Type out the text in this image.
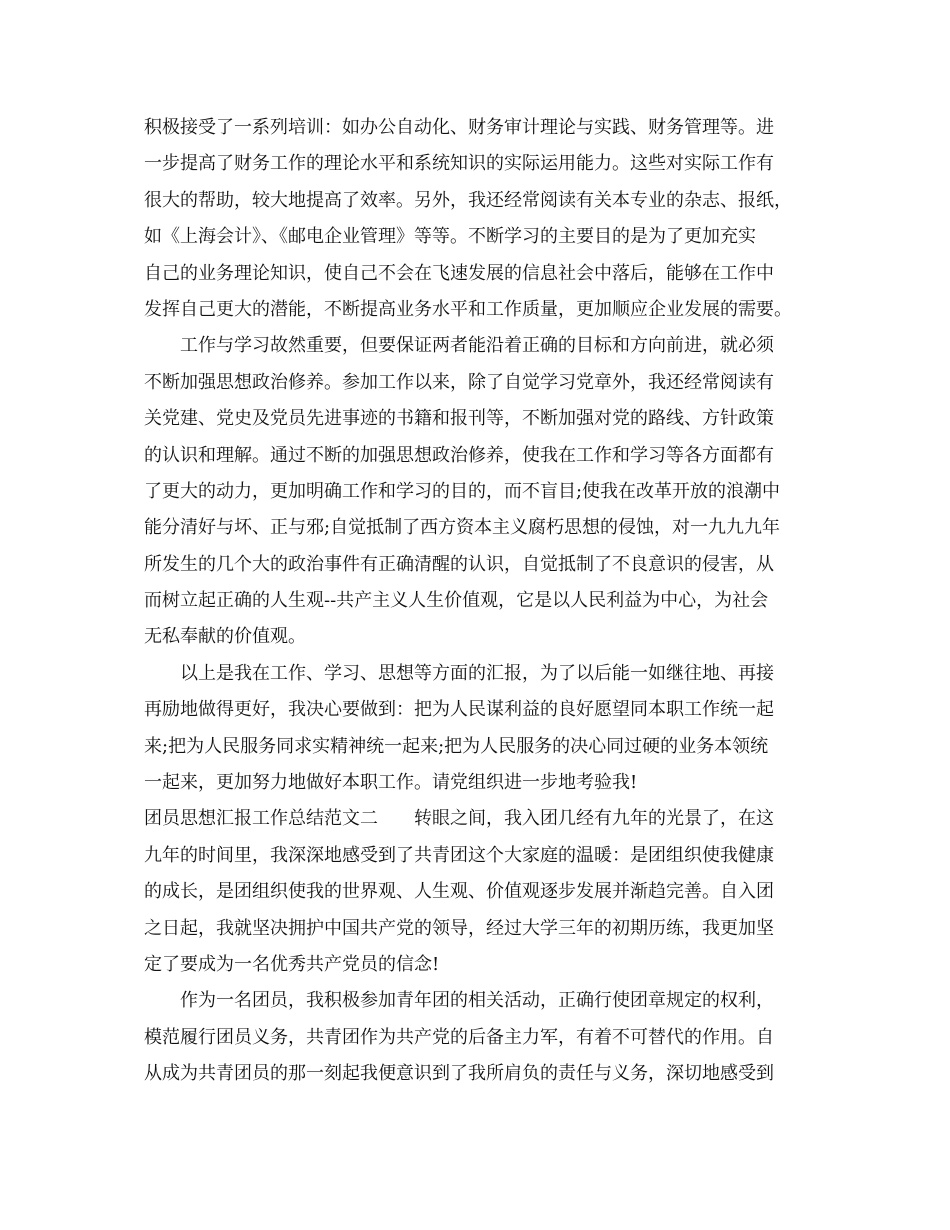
积极接受了一系列培训：如办公自动化、财务审计理论与实践、财务管理等。进
一步提高了财务工作的理论水平和系统知识的实际运用能力。这些对实际工作有
很大的帮助，较大地提高了效率。另外，我还经常阅读有关本专业的杂志、报纸，
如《上海会计》、《邮电企业管理》等等。不断学习的主要目的是为了更加充实
自己的业务理论知识，使自己不会在飞速发展的信息社会中落后，能够在工作中
发挥自己更大的潜能，不断提高业务水平和工作质量，更加顺应企业发展的需要。
工作与学习故然重要，但要保证两者能沿着正确的目标和方向前进，就必须
不断加强思想政治修养。参加工作以来，除了自觉学习党章外，我还经常阅读有
关党建、党史及党员先进事迹的书籍和报刊等，不断加强对党的路线、方针政策
的认识和理解。通过不断的加强思想政治修养，使我在工作和学习等各方面都有
了更大的动力，更加明确工作和学习的目的，而不盲目;使我在改革开放的浪潮中
能分清好与坏、正与邪;自觉抵制了西方资本主义腐朽思想的侵蚀，对一九九九年
所发生的几个大的政治事件有正确清醒的认识，自觉抵制了不良意识的侵害，从
而树立起正确的人生观--共产主义人生价值观，它是以人民利益为中心，为社会
无私奉献的价值观。
以上是我在工作、学习、思想等方面的汇报，为了以后能一如继往地、再接
再励地做得更好，我决心要做到：把为人民谋利益的良好愿望同本职工作统一起
来;把为人民服务同求实精神统一起来;把为人民服务的决心同过硬的业务本领统
一起来，更加努力地做好本职工作。请党组织进一步地考验我!
团员思想汇报工作总结范文二　　转眼之间，我入团几经有九年的光景了，在这
九年的时间里，我深深地感受到了共青团这个大家庭的温暖：是团组织使我健康
的成长，是团组织使我的世界观、人生观、价值观逐步发展并渐趋完善。自入团
之日起，我就坚决拥护中国共产党的领导，经过大学三年的初期历练，我更加坚
定了要成为一名优秀共产党员的信念!
作为一名团员，我积极参加青年团的相关活动，正确行使团章规定的权利，
模范履行团员义务，共青团作为共产党的后备主力军，有着不可替代的作用。自
从成为共青团员的那一刻起我便意识到了我所肩负的责任与义务，深切地感受到
